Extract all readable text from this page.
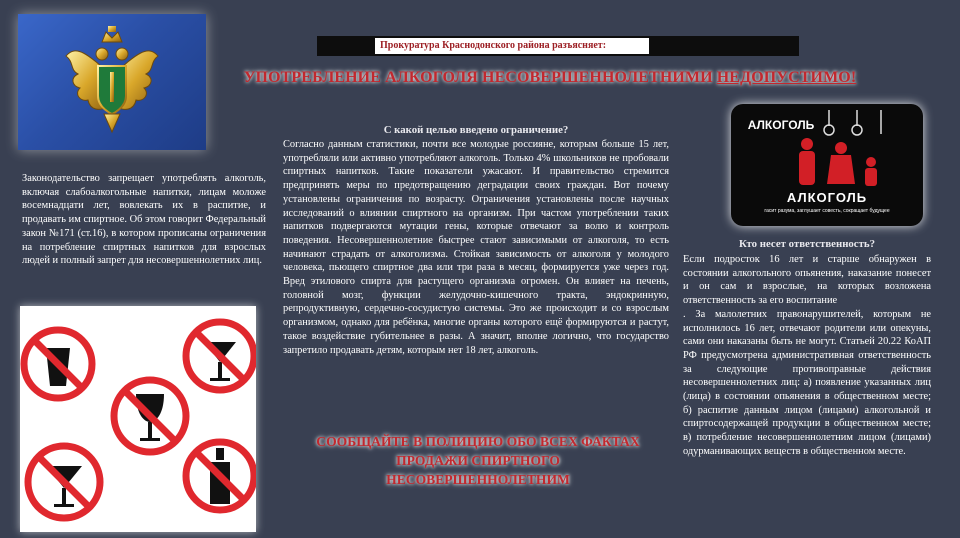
Прокуратура Краснодонского района разъясняет:
УПОТРЕБЛЕНИЕ АЛКОГОЛЯ НЕСОВЕРШЕННОЛЕТНИМИ НЕДОПУСТИМО!
Законодательство запрещает употреблять алкоголь, включая слабоалкогольные напитки, лицам моложе восемнадцати лет, вовлекать их в распитие, и продавать им спиртное. Об этом говорит Федеральный закон №171 (ст.16), в котором прописаны ограничения на потребление спиртных напитков для взрослых людей и полный запрет для несовершеннолетних лиц.
С какой целью введено ограничение?
Согласно данным статистики, почти все молодые россияне, которым больше 15 лет, употребляли или активно употребляют алкоголь. Только 4% школьников не пробовали спиртных напитков. Такие показатели ужасают. И правительство стремится предпринять меры по предотвращению деградации своих граждан. Вот почему установлены ограничения по возрасту. Ограничения установлены после научных исследований о влиянии спиртного на организм. При частом употреблении таких напитков подвергаются мутации гены, которые отвечают за волю и контроль поведения. Несовершеннолетние быстрее стают зависимыми от алкоголя, то есть начинают страдать от алкоголизма. Стойкая зависимость от алкоголя у молодого человека, пьющего спиртное два или три раза в месяц, формируется уже через год. Вред этилового спирта для растущего организма огромен. Он влияет на печень, головной мозг, функции желудочно-кишечного тракта, эндокринную, репродуктивную, сердечно-сосудистую системы. Это же происходит и со взрослым организмом, однако для ребёнка, многие органы которого ещё формируются и растут, такое воздействие губительнее в разы. А значит, вполне логично, что государство запретило продавать детям, которым нет 18 лет, алкоголь.
СООБЩАЙТЕ В ПОЛИЦИЮ ОБО ВСЕХ ФАКТАХ ПРОДАЖИ СПИРТНОГО НЕСОВЕРШЕННОЛЕТНИМ
АЛКОГОЛЬ
АЛКОГОЛЬ
гасит разума, заглушает совесть, сокращает будущее
Кто несет ответственность?
Если подросток 16 лет и старше обнаружен в состоянии алкогольного опьянения, наказание понесет и он сам и взрослые, на которых возложена ответственность за его воспитание
. За малолетних правонарушителей, которым не исполнилось 16 лет, отвечают родители или опекуны, сами они наказаны быть не могут. Статьей 20.22 КоАП РФ предусмотрена административная ответственность за следующие противоправные действия несовершеннолетних лиц: а) появление указанных лиц (лица) в состоянии опьянения в общественном месте; б) распитие данным лицом (лицами) алкогольной и спиртосодержащей продукции в общественном месте; в) потребление несовершеннолетним лицом (лицами) одурманивающих веществ в общественном месте.
